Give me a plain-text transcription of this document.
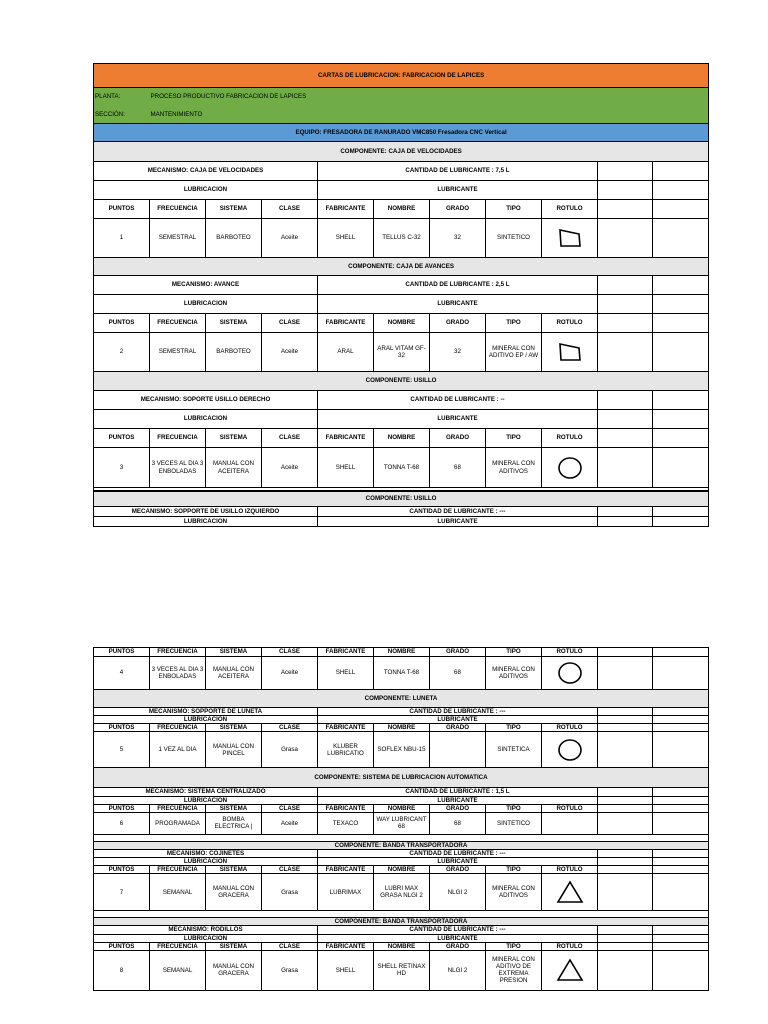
CARTAS DE LUBRICACION: FABRICACION DE LAPICES										
PLANTA:	PROCESO PRODUCTIVO FABRICACION DE LAPICES									
SECCIÓN:	MANTENIMIENTO									
EQUIPO: FRESADORA DE RANURADO VMC850 Fresadora CNC Vertical										
COMPONENTE: CAJA DE VELOCIDADES										
MECANISMO: CAJA DE VELOCIDADES				CANTIDAD DE LUBRICANTE : 7,5 L						
LUBRICACION				LUBRICANTE						
PUNTOS	FRECUENCIA	SISTEMA	CLASE	FABRICANTE	NOMBRE	GRADO	TIPO	ROTULO		
1	SEMESTRAL	BARBOTEO	Aceite	SHELL	TELLUS C-32	32	SINTETICO	

COMPONENTE: CAJA DE AVANCES										
MECANISMO: AVANCE				CANTIDAD DE LUBRICANTE : 2,5 L						
LUBRICACION				LUBRICANTE						
PUNTOS	FRECUENCIA	SISTEMA	CLASE	FABRICANTE	NOMBRE	GRADO	TIPO	ROTULO		
2	SEMESTRAL	BARBOTEO	Aceite	ARAL	ARAL VITAM GF-32	32	MINERAL CON ADITIVO EP / AW	

COMPONENTE: USILLO										
MECANISMO: SOPORTE USILLO DERECHO				CANTIDAD DE LUBRICANTE : --						
LUBRICACION				LUBRICANTE						
PUNTOS	FRECUENCIA	SISTEMA	CLASE	FABRICANTE	NOMBRE	GRADO	TIPO	ROTULO		
3	3 VECES AL DIA 3 ENBOLADAS	MANUAL CON ACEITERA	Aceite	SHELL	TONNA T-68	68	MINERAL CON ADITIVOS	

COMPONENTE: USILLO										
MECANISMO: SOPPORTE DE USILLO IZQUIERDO				CANTIDAD DE LUBRICANTE : ---						
LUBRICACION				LUBRICANTE						
PUNTOS	FRECUENCIA	SISTEMA	CLASE	FABRICANTE	NOMBRE	GRADO	TIPO	ROTULO		
4	3 VECES AL DIA 3 ENBOLADAS	MANUAL CON ACEITERA	Aceite	SHELL	TONNA T-68	68	MINERAL CON ADITIVOS	

COMPONENTE: LUNETA										
MECANISMO: SOPPORTE DE LUNETA				CANTIDAD DE LUBRICANTE : ---						
LUBRICACION				LUBRICANTE						
PUNTOS	FRECUENCIA	SISTEMA	CLASE	FABRICANTE	NOMBRE	GRADO	TIPO	ROTULO		
5	1 VEZ AL DIA	MANUAL CON PINCEL	Grasa	KLUBER LUBRICATIO	SOFLEX NBU-15		SINTETICA	

COMPONENTE: SISTEMA DE LUBRICACION AUTOMATICA										
MECANISMO: SISTEMA CENTRALIZADO				CANTIDAD DE LUBRICANTE : 1,5 L						
LUBRICACION				LUBRICANTE						
PUNTOS	FRECUENCIA	SISTEMA	CLASE	FABRICANTE	NOMBRE	GRADO	TIPO	ROTULO		
6	PROGRAMADA	BOMBA ELECTRICA |	Aceite	TEXACO	WAY LUBRICANT 68	68	SINTETICO			

COMPONENTE: BANDA TRANSPORTADORA										
MECANISMO: COJINETES				CANTIDAD DE LUBRICANTE : ---						
LUBRICACION				LUBRICANTE						
PUNTOS	FRECUENCIA	SISTEMA	CLASE	FABRICANTE	NOMBRE	GRADO	TIPO	ROTULO		
7	SEMANAL	MANUAL CON GRACERA	Grasa	LUBRIMAX	LUBRI MAX GRASA NLGI 2	NLGI 2	MINERAL CON ADITIVOS	

COMPONENTE: BANDA TRANSPORTADORA										
MECANISMO: RODILLOS				CANTIDAD DE LUBRICANTE : ---						
LUBRICACION				LUBRICANTE						
PUNTOS	FRECUENCIA	SISTEMA	CLASE	FABRICANTE	NOMBRE	GRADO	TIPO	ROTULO		
8	SEMANAL	MANUAL CON GRACERA	Grasa	SHELL	SHELL RETINAX HD	NLGI 2	MINERAL CON ADITIVO DE EXTREMA PRESION	
